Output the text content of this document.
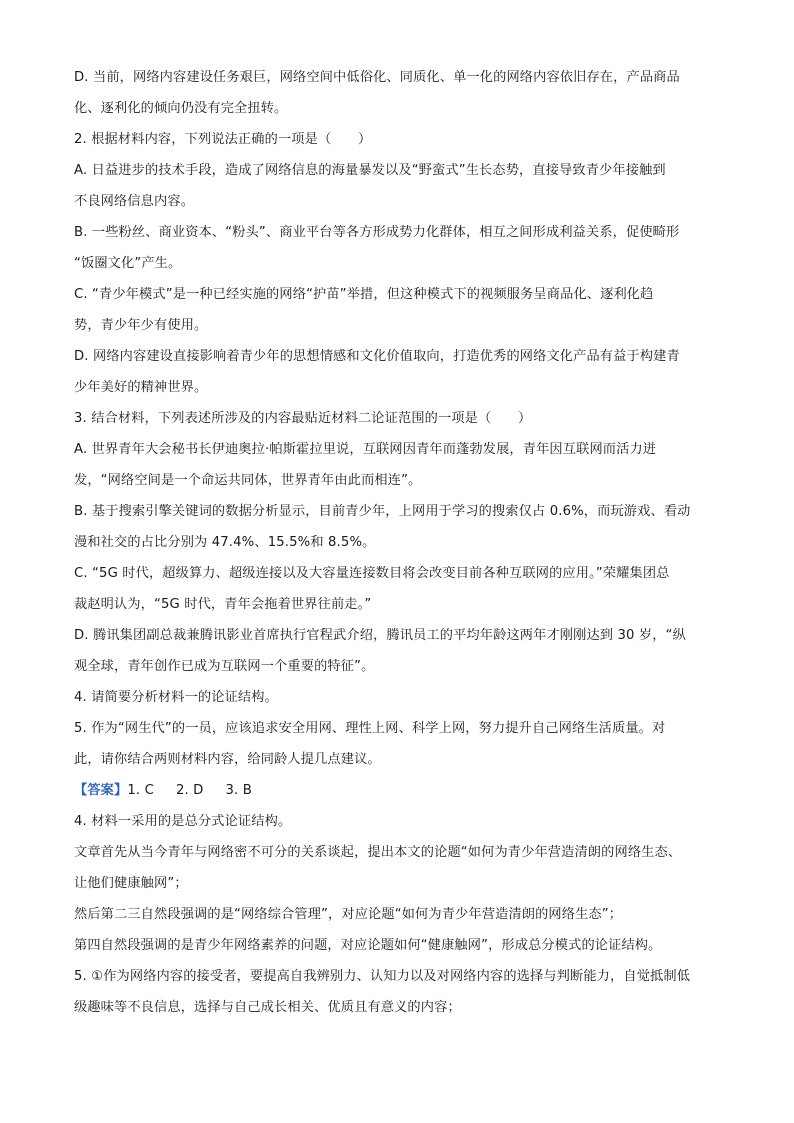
D. 当前，网络内容建设任务艰巨，网络空间中低俗化、同质化、单一化的网络内容依旧存在，产品商品
化、逐利化的倾向仍没有完全扭转。
2. 根据材料内容，下列说法正确的一项是（　　）
A. 日益进步的技术手段，造成了网络信息的海量暴发以及“野蛮式”生长态势，直接导致青少年接触到
不良网络信息内容。
B. 一些粉丝、商业资本、“粉头”、商业平台等各方形成势力化群体，相互之间形成利益关系，促使畸形
“饭圈文化”产生。
C. “青少年模式”是一种已经实施的网络“护苗”举措，但这种模式下的视频服务呈商品化、逐利化趋
势，青少年少有使用。
D. 网络内容建设直接影响着青少年的思想情感和文化价值取向，打造优秀的网络文化产品有益于构建青
少年美好的精神世界。
3. 结合材料，下列表述所涉及的内容最贴近材料二论证范围的一项是（　　）
A. 世界青年大会秘书长伊迪奥拉·帕斯霍拉里说，互联网因青年而蓬勃发展，青年因互联网而活力迸
发，“网络空间是一个命运共同体，世界青年由此而相连”。
B. 基于搜索引擎关键词的数据分析显示，目前青少年，上网用于学习的搜索仅占 0.6%，而玩游戏、看动
漫和社交的占比分别为 47.4%、15.5%和 8.5%。
C. “5G 时代，超级算力、超级连接以及大容量连接数目将会改变目前各种互联网的应用。”荣耀集团总
裁赵明认为，“5G 时代，青年会拖着世界往前走。”
D. 腾讯集团副总裁兼腾讯影业首席执行官程武介绍，腾讯员工的平均年龄这两年才刚刚达到 30 岁，“纵
观全球，青年创作已成为互联网一个重要的特征”。
4. 请简要分析材料一的论证结构。
5. 作为“网生代”的一员，应该追求安全用网、理性上网、科学上网，努力提升自己网络生活质量。对
此，请你结合两则材料内容，给同龄人提几点建议。
【答案】1. C 2. D 3. B
4. 材料一采用的是总分式论证结构。
文章首先从当今青年与网络密不可分的关系谈起，提出本文的论题“如何为青少年营造清朗的网络生态、
让他们健康触网”；
然后第二三自然段强调的是“网络综合管理”，对应论题“如何为青少年营造清朗的网络生态”；
第四自然段强调的是青少年网络素养的问题，对应论题如何“健康触网”，形成总分模式的论证结构。
5. ①作为网络内容的接受者，要提高自我辨别力、认知力以及对网络内容的选择与判断能力，自觉抵制低
级趣味等不良信息，选择与自己成长相关、优质且有意义的内容；
